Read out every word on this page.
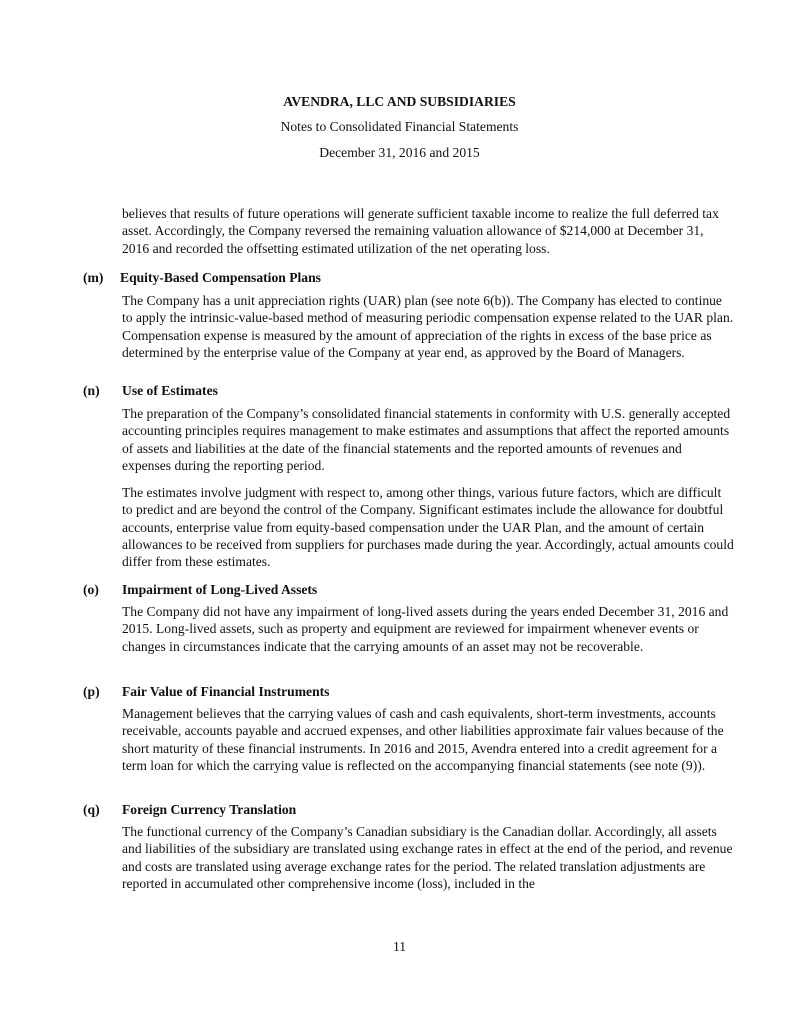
AVENDRA, LLC AND SUBSIDIARIES
Notes to Consolidated Financial Statements
December 31, 2016 and 2015

believes that results of future operations will generate sufficient taxable income to realize the full deferred tax asset. Accordingly, the Company reversed the remaining valuation allowance of $214,000 at December 31, 2016 and recorded the offsetting estimated utilization of the net operating loss.

(m) Equity-Based Compensation Plans

The Company has a unit appreciation rights (UAR) plan (see note 6(b)). The Company has elected to continue to apply the intrinsic-value-based method of measuring periodic compensation expense related to the UAR plan. Compensation expense is measured by the amount of appreciation of the rights in excess of the base price as determined by the enterprise value of the Company at year end, as approved by the Board of Managers.

(n) Use of Estimates

The preparation of the Company’s consolidated financial statements in conformity with U.S. generally accepted accounting principles requires management to make estimates and assumptions that affect the reported amounts of assets and liabilities at the date of the financial statements and the reported amounts of revenues and expenses during the reporting period.

The estimates involve judgment with respect to, among other things, various future factors, which are difficult to predict and are beyond the control of the Company. Significant estimates include the allowance for doubtful accounts, enterprise value from equity-based compensation under the UAR Plan, and the amount of certain allowances to be received from suppliers for purchases made during the year. Accordingly, actual amounts could differ from these estimates.

(o) Impairment of Long-Lived Assets

The Company did not have any impairment of long-lived assets during the years ended December 31, 2016 and 2015. Long-lived assets, such as property and equipment are reviewed for impairment whenever events or changes in circumstances indicate that the carrying amounts of an asset may not be recoverable.

(p) Fair Value of Financial Instruments

Management believes that the carrying values of cash and cash equivalents, short-term investments, accounts receivable, accounts payable and accrued expenses, and other liabilities approximate fair values because of the short maturity of these financial instruments. In 2016 and 2015, Avendra entered into a credit agreement for a term loan for which the carrying value is reflected on the accompanying financial statements (see note (9)).

(q) Foreign Currency Translation

The functional currency of the Company’s Canadian subsidiary is the Canadian dollar. Accordingly, all assets and liabilities of the subsidiary are translated using exchange rates in effect at the end of the period, and revenue and costs are translated using average exchange rates for the period. The related translation adjustments are reported in accumulated other comprehensive income (loss), included in the

11
